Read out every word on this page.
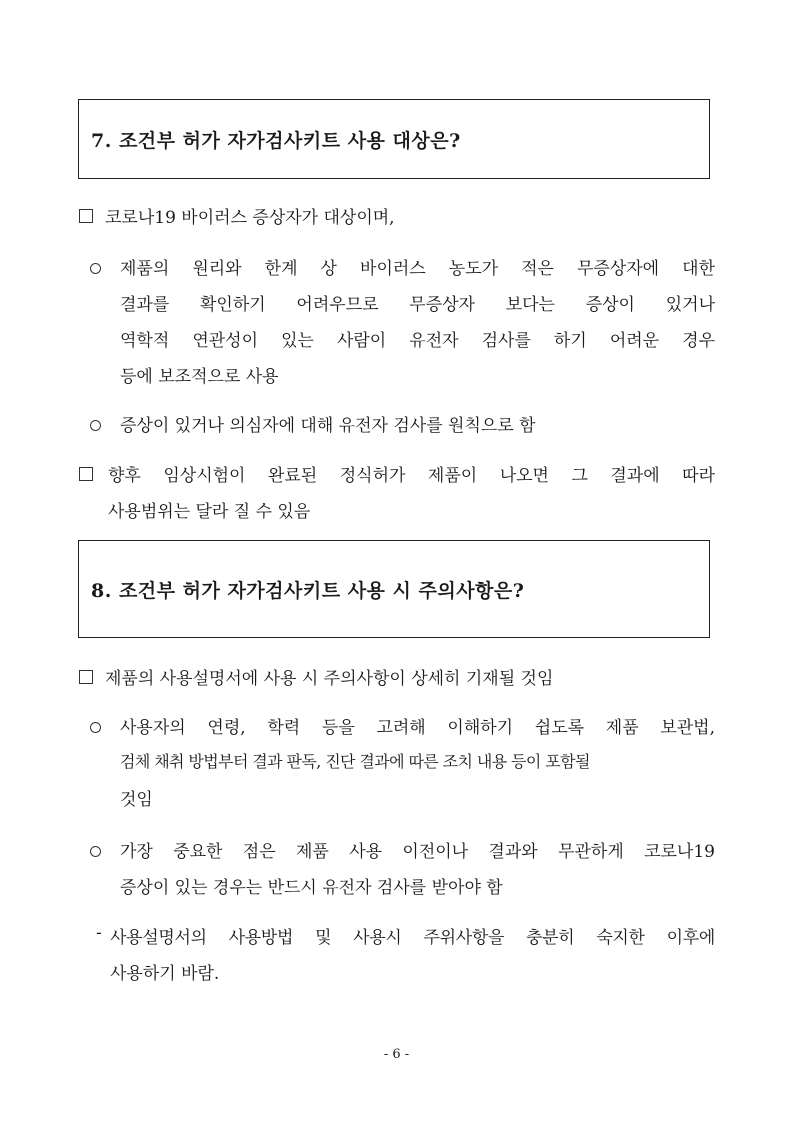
7. 조건부 허가 자가검사키트 사용 대상은?
코로나19 바이러스 증상자가 대상이며,
제품의 원리와 한계 상 바이러스 농도가 적은 무증상자에 대한
결과를 확인하기 어려우므로 무증상자 보다는 증상이 있거나
역학적 연관성이 있는 사람이 유전자 검사를 하기 어려운 경우
등에 보조적으로 사용
증상이 있거나 의심자에 대해 유전자 검사를 원칙으로 함
향후 임상시험이 완료된 정식허가 제품이 나오면 그 결과에 따라
사용범위는 달라 질 수 있음
8. 조건부 허가 자가검사키트 사용 시 주의사항은?
제품의 사용설명서에 사용 시 주의사항이 상세히 기재될 것임
사용자의 연령, 학력 등을 고려해 이해하기 쉽도록 제품 보관법,
검체 채취 방법부터 결과 판독, 진단 결과에 따른 조치 내용 등이 포함될
것임
가장 중요한 점은 제품 사용 이전이나 결과와 무관하게 코로나19
증상이 있는 경우는 반드시 유전자 검사를 받아야 함
- 사용설명서의 사용방법 및 사용시 주위사항을 충분히 숙지한 이후에
사용하기 바람.
- 6 -
